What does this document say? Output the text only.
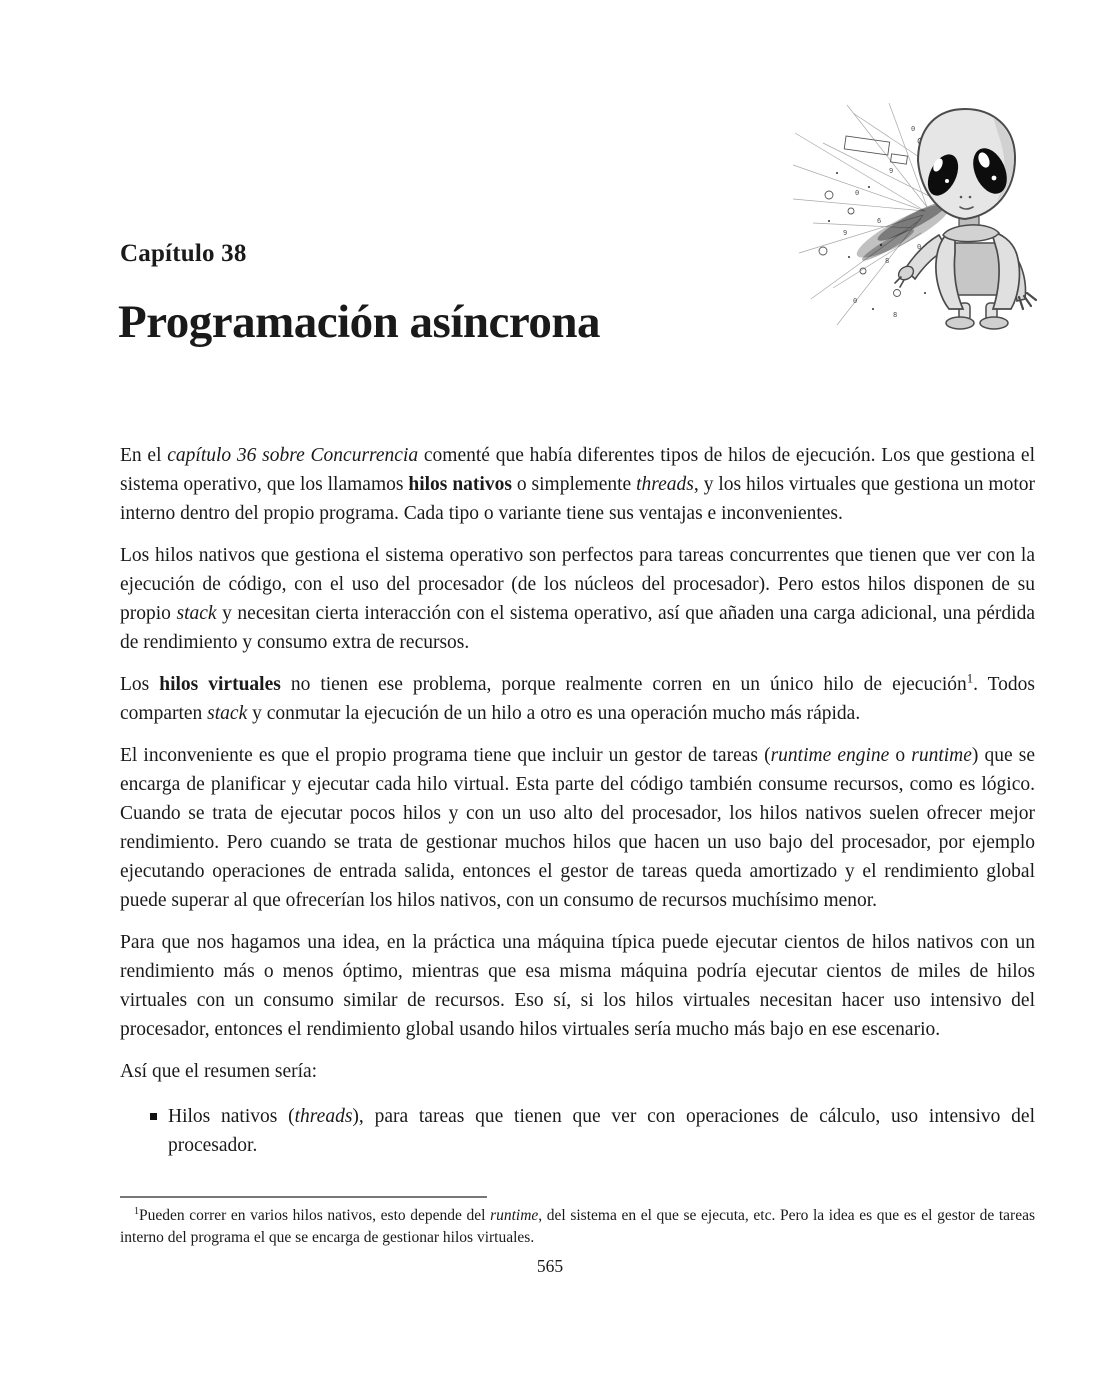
Capítulo 38
Programación asíncrona
0
9
0
6
9
8
0
0
8
En el capítulo 36 sobre Concurrencia comenté que había diferentes tipos de hilos de ejecución. Los que gestiona el sistema operativo, que los llamamos hilos nativos o simplemente threads, y los hilos virtuales que gestiona un motor interno dentro del propio programa. Cada tipo o variante tiene sus ventajas e inconvenientes.
Los hilos nativos que gestiona el sistema operativo son perfectos para tareas concurrentes que tienen que ver con la ejecución de código, con el uso del procesador (de los núcleos del procesador). Pero estos hilos disponen de su propio stack y necesitan cierta interacción con el sistema operativo, así que añaden una carga adicional, una pérdida de rendimiento y consumo extra de recursos.
Los hilos virtuales no tienen ese problema, porque realmente corren en un único hilo de ejecución$^1$. Todos comparten stack y conmutar la ejecución de un hilo a otro es una operación mucho más rápida.
El inconveniente es que el propio programa tiene que incluir un gestor de tareas (runtime engine o runtime) que se encarga de planificar y ejecutar cada hilo virtual. Esta parte del código también consume recursos, como es lógico. Cuando se trata de ejecutar pocos hilos y con un uso alto del procesador, los hilos nativos suelen ofrecer mejor rendimiento. Pero cuando se trata de gestionar muchos hilos que hacen un uso bajo del procesador, por ejemplo ejecutando operaciones de entrada salida, entonces el gestor de tareas queda amortizado y el rendimiento global puede superar al que ofrecerían los hilos nativos, con un consumo de recursos muchísimo menor.
Para que nos hagamos una idea, en la práctica una máquina típica puede ejecutar cientos de hilos nativos con un rendimiento más o menos óptimo, mientras que esa misma máquina podría ejecutar cientos de miles de hilos virtuales con un consumo similar de recursos. Eso sí, si los hilos virtuales necesitan hacer uso intensivo del procesador, entonces el rendimiento global usando hilos virtuales sería mucho más bajo en ese escenario.
Así que el resumen sería:
Hilos nativos (threads), para tareas que tienen que ver con operaciones de cálculo, uso intensivo del procesador.
$^1$Pueden correr en varios hilos nativos, esto depende del runtime, del sistema en el que se ejecuta, etc. Pero la idea es que es el gestor de tareas interno del programa el que se encarga de gestionar hilos virtuales.
565
